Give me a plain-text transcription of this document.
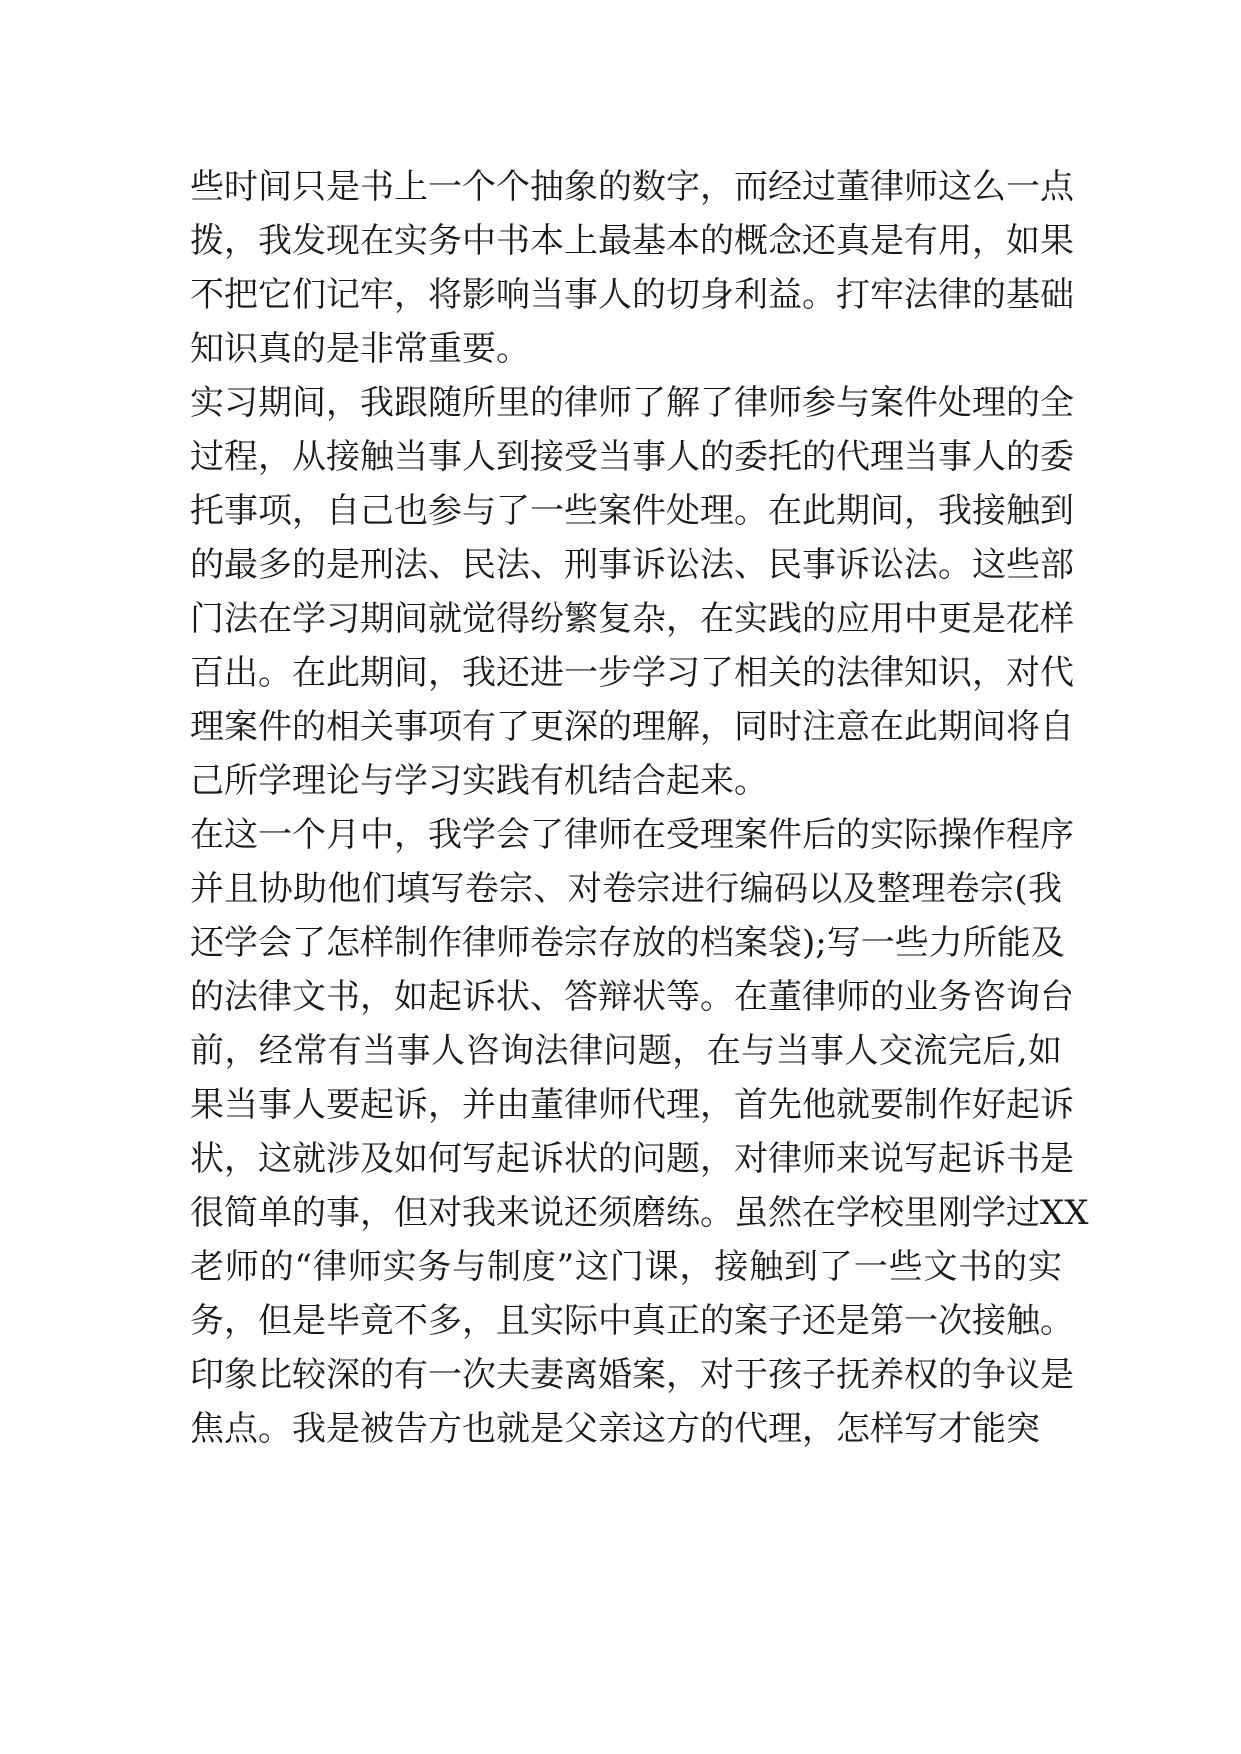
些时间只是书上一个个抽象的数字，而经过董律师这么一点
拨，我发现在实务中书本上最基本的概念还真是有用，如果
不把它们记牢，将影响当事人的切身利益。打牢法律的基础
知识真的是非常重要。
实习期间，我跟随所里的律师了解了律师参与案件处理的全
过程，从接触当事人到接受当事人的委托的代理当事人的委
托事项，自己也参与了一些案件处理。在此期间，我接触到
的最多的是刑法、民法、刑事诉讼法、民事诉讼法。这些部
门法在学习期间就觉得纷繁复杂，在实践的应用中更是花样
百出。在此期间，我还进一步学习了相关的法律知识，对代
理案件的相关事项有了更深的理解，同时注意在此期间将自
己所学理论与学习实践有机结合起来。
在这一个月中，我学会了律师在受理案件后的实际操作程序
并且协助他们填写卷宗、对卷宗进行编码以及整理卷宗(我
还学会了怎样制作律师卷宗存放的档案袋);写一些力所能及
的法律文书，如起诉状、答辩状等。在董律师的业务咨询台
前，经常有当事人咨询法律问题，在与当事人交流完后,如
果当事人要起诉，并由董律师代理，首先他就要制作好起诉
状，这就涉及如何写起诉状的问题，对律师来说写起诉书是
很简单的事，但对我来说还须磨练。虽然在学校里刚学过XX
老师的“律师实务与制度”这门课，接触到了一些文书的实
务，但是毕竟不多，且实际中真正的案子还是第一次接触。
印象比较深的有一次夫妻离婚案，对于孩子抚养权的争议是
焦点。我是被告方也就是父亲这方的代理，怎样写才能突
